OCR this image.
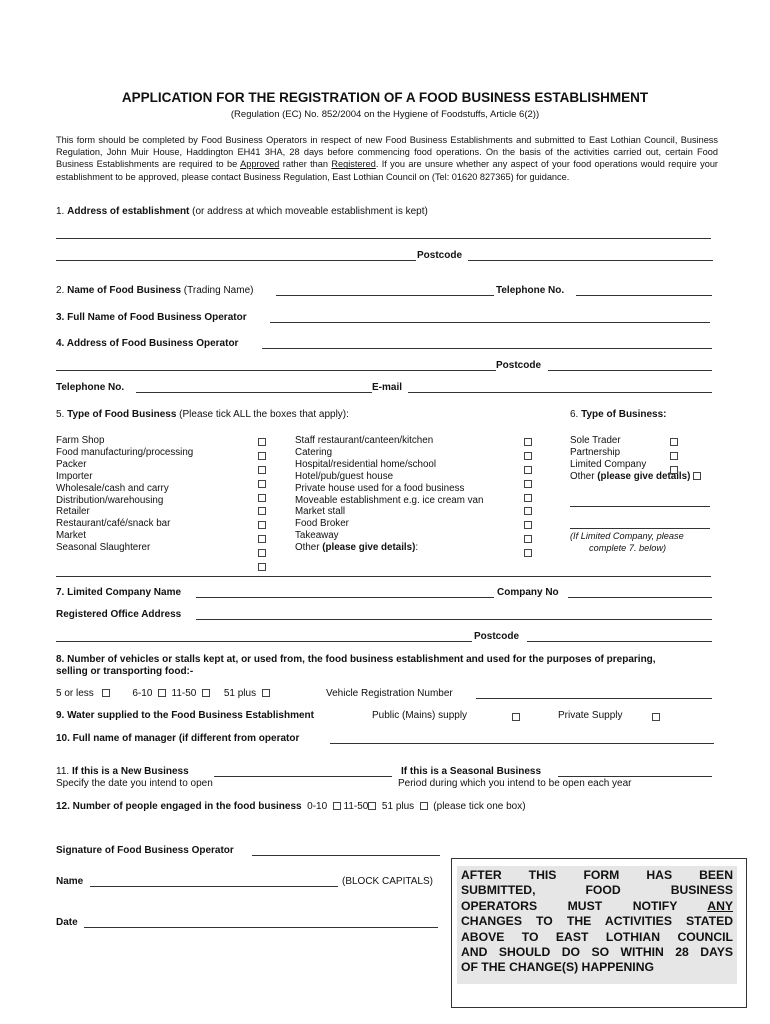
APPLICATION FOR THE REGISTRATION OF A FOOD BUSINESS ESTABLISHMENT
(Regulation (EC) No. 852/2004 on the Hygiene of Foodstuffs, Article 6(2))
This form should be completed by Food Business Operators in respect of new Food Business Establishments and submitted to East Lothian Council, Business Regulation, John Muir House, Haddington EH41 3HA, 28 days before commencing food operations. On the basis of the activities carried out, certain Food Business Establishments are required to be Approved rather than Registered. If you are unsure whether any aspect of your food operations would require your establishment to be approved, please contact Business Regulation, East Lothian Council on (Tel: 01620 827365) for guidance.
1. Address of establishment (or address at which moveable establishment is kept)
Postcode
2. Name of Food Business (Trading Name)	Telephone No.
3. Full Name of Food Business Operator
4. Address of Food Business Operator
Postcode
Telephone No.	E-mail
5. Type of Food Business (Please tick ALL the boxes that apply):
Farm Shop
Food manufacturing/processing
Packer
Importer
Wholesale/cash and carry
Distribution/warehousing
Retailer
Restaurant/café/snack bar
Market
Seasonal Slaughterer
Staff restaurant/canteen/kitchen
Catering
Hospital/residential home/school
Hotel/pub/guest house
Private house used for a food business
Moveable establishment e.g. ice cream van
Market stall
Food Broker
Takeaway
Other (please give details):
6. Type of Business:
Sole Trader
Partnership
Limited Company
Other (please give details)
(If Limited Company, please
complete 7. below)
7. Limited Company Name	Company No
Registered Office Address
Postcode
8. Number of vehicles or stalls kept at, or used from, the food business establishment and used for the purposes of preparing,
selling or transporting food:-
5 or less	6-10 11-50	51 plus	Vehicle Registration Number
9. Water supplied to the Food Business Establishment	Public (Mains) supply	Private Supply
10. Full name of manager (if different from operator
11. If this is a New Business	If this is a Seasonal Business
Specify the date you intend to open	Period during which you intend to be open each year
12. Number of people engaged in the food business 0-10 11-50 51 plus (please tick one box)
Signature of Food Business Operator
Name	(BLOCK CAPITALS)
Date
AFTER THIS FORM HAS BEEN
SUBMITTED, FOOD BUSINESS
OPERATORS MUST NOTIFY ANY
CHANGES TO THE ACTIVITIES STATED
ABOVE TO EAST LOTHIAN COUNCIL
AND SHOULD DO SO WITHIN 28 DAYS
OF THE CHANGE(S) HAPPENING
